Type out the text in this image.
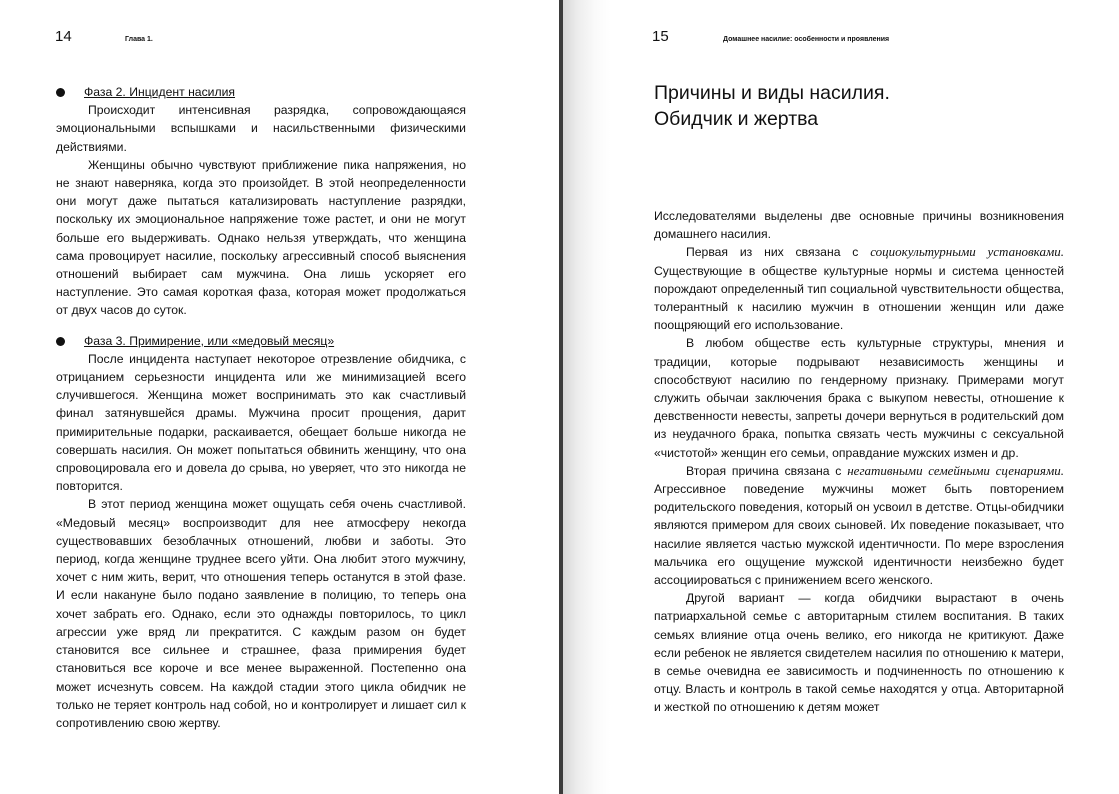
14	Глава 1.	15	Домашнее насилие: особенности и проявления
Фаза 2. Инцидент насилия

Происходит интенсивная разрядка, сопровождающаяся эмоциональными вспышками и насильственными физическими действиями.

Женщины обычно чувствуют приближение пика напряжения, но не знают наверняка, когда это произойдет. В этой неопределенности они могут даже пытаться катализировать наступление разрядки, поскольку их эмоциональное напряжение тоже растет, и они не могут больше его выдерживать. Однако нельзя утверждать, что женщина сама провоцирует насилие, поскольку агрессивный способ выяснения отношений выбирает сам мужчина. Она лишь ускоряет его наступление. Это самая короткая фаза, которая может продолжаться от двух часов до суток.

Фаза 3. Примирение, или «медовый месяц»

После инцидента наступает некоторое отрезвление обидчика, с отрицанием серьезности инцидента или же минимизацией всего случившегося. Женщина может воспринимать это как счастливый финал затянувшейся драмы. Мужчина просит прощения, дарит примирительные подарки, раскаивается, обещает больше никогда не совершать насилия. Он может попытаться обвинить женщину, что она спровоцировала его и довела до срыва, но уверяет, что это никогда не повторится.

В этот период женщина может ощущать себя очень счастливой. «Медовый месяц» воспроизводит для нее атмосферу некогда существовавших безоблачных отношений, любви и заботы. Это период, когда женщине труднее всего уйти. Она любит этого мужчину, хочет с ним жить, верит, что отношения теперь останутся в этой фазе. И если накануне было подано заявление в полицию, то теперь она хочет забрать его. Однако, если это однажды повторилось, то цикл агрессии уже вряд ли прекратится. С каждым разом он будет становится все сильнее и страшнее, фаза примирения будет становиться все короче и все менее выраженной. Постепенно она может исчезнуть совсем. На каждой стадии этого цикла обидчик не только не теряет контроль над собой, но и контролирует и лишает сил к сопротивлению свою жертву.

Причины и виды насилия.
Обидчик и жертва

Исследователями выделены две основные причины возникновения домашнего насилия.

Первая из них связана с социокультурными установками. Существующие в обществе культурные нормы и система ценностей порождают определенный тип социальной чувствительности общества, толерантный к насилию мужчин в отношении женщин или даже поощряющий его использование.

В любом обществе есть культурные структуры, мнения и традиции, которые подрывают независимость женщины и способствуют насилию по гендерному признаку. Примерами могут служить обычаи заключения брака с выкупом невесты, отношение к девственности невесты, запреты дочери вернуться в родительский дом из неудачного брака, попытка связать честь мужчины с сексуальной «чистотой» женщин его семьи, оправдание мужских измен и др.

Вторая причина связана с негативными семейными сценариями. Агрессивное поведение мужчины может быть повторением родительского поведения, который он усвоил в детстве. Отцы-обидчики являются примером для своих сыновей. Их поведение показывает, что насилие является частью мужской идентичности. По мере взросления мальчика его ощущение мужской идентичности неизбежно будет ассоциироваться с принижением всего женского.

Другой вариант — когда обидчики вырастают в очень патриархальной семье с авторитарным стилем воспитания. В таких семьях влияние отца очень велико, его никогда не критикуют. Даже если ребенок не является свидетелем насилия по отношению к матери, в семье очевидна ее зависимость и подчиненность по отношению к отцу. Власть и контроль в такой семье находятся у отца. Авторитарной и жесткой по отношению к детям может
